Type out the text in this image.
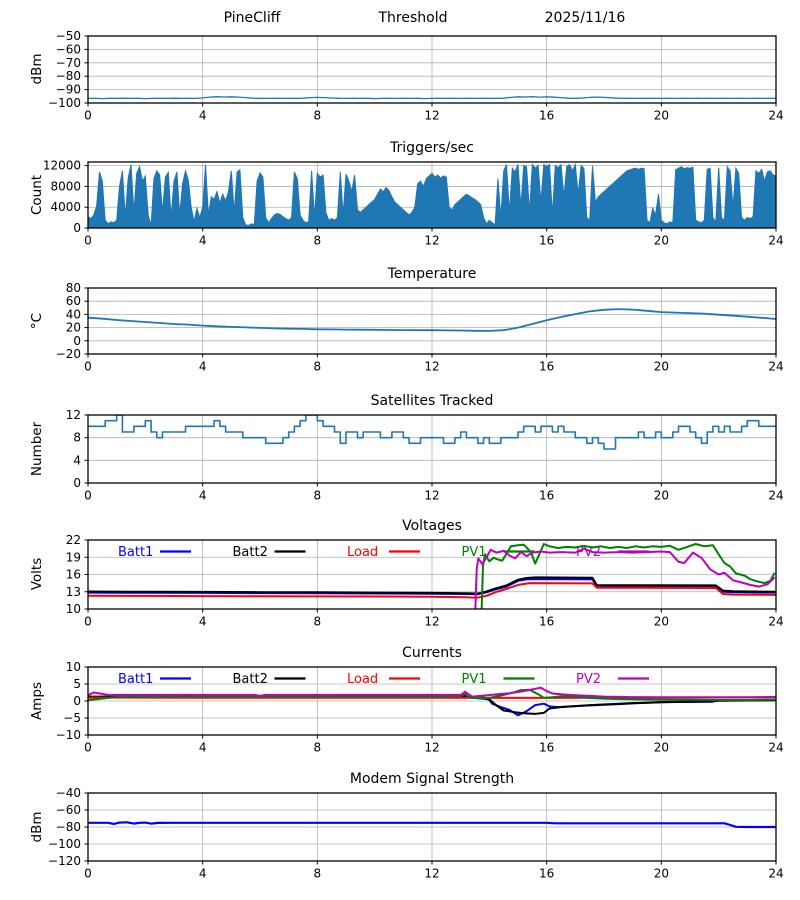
PineCliff	Threshold	2025/11/16
Triggers/sec
Temperature
Satellites Tracked
Voltages
Currents
Modem Signal Strength
dBm
Count
°C
Number
Volts
Amps
dBm
0	4	8	12	16	20	24
−50
−60
−70
−80
−90
−100
0	4	8	12	16	20	24
0
4000
8000
12000
0	4	8	12	16	20	24
80
60
40
20
0
−20
0	4	8	12	16	20	24
0
4
8
12
Batt1	Batt2	Load	PV1	PV2
0	4	8	12	16	20	24
10
13
16
19
22
Batt1	Batt2	Load	PV1	PV2
0	4	8	12	16	20	24
−10
−5
0
5
10
0	4	8	12	16	20	24
−40
−60
−80
−100
−120
